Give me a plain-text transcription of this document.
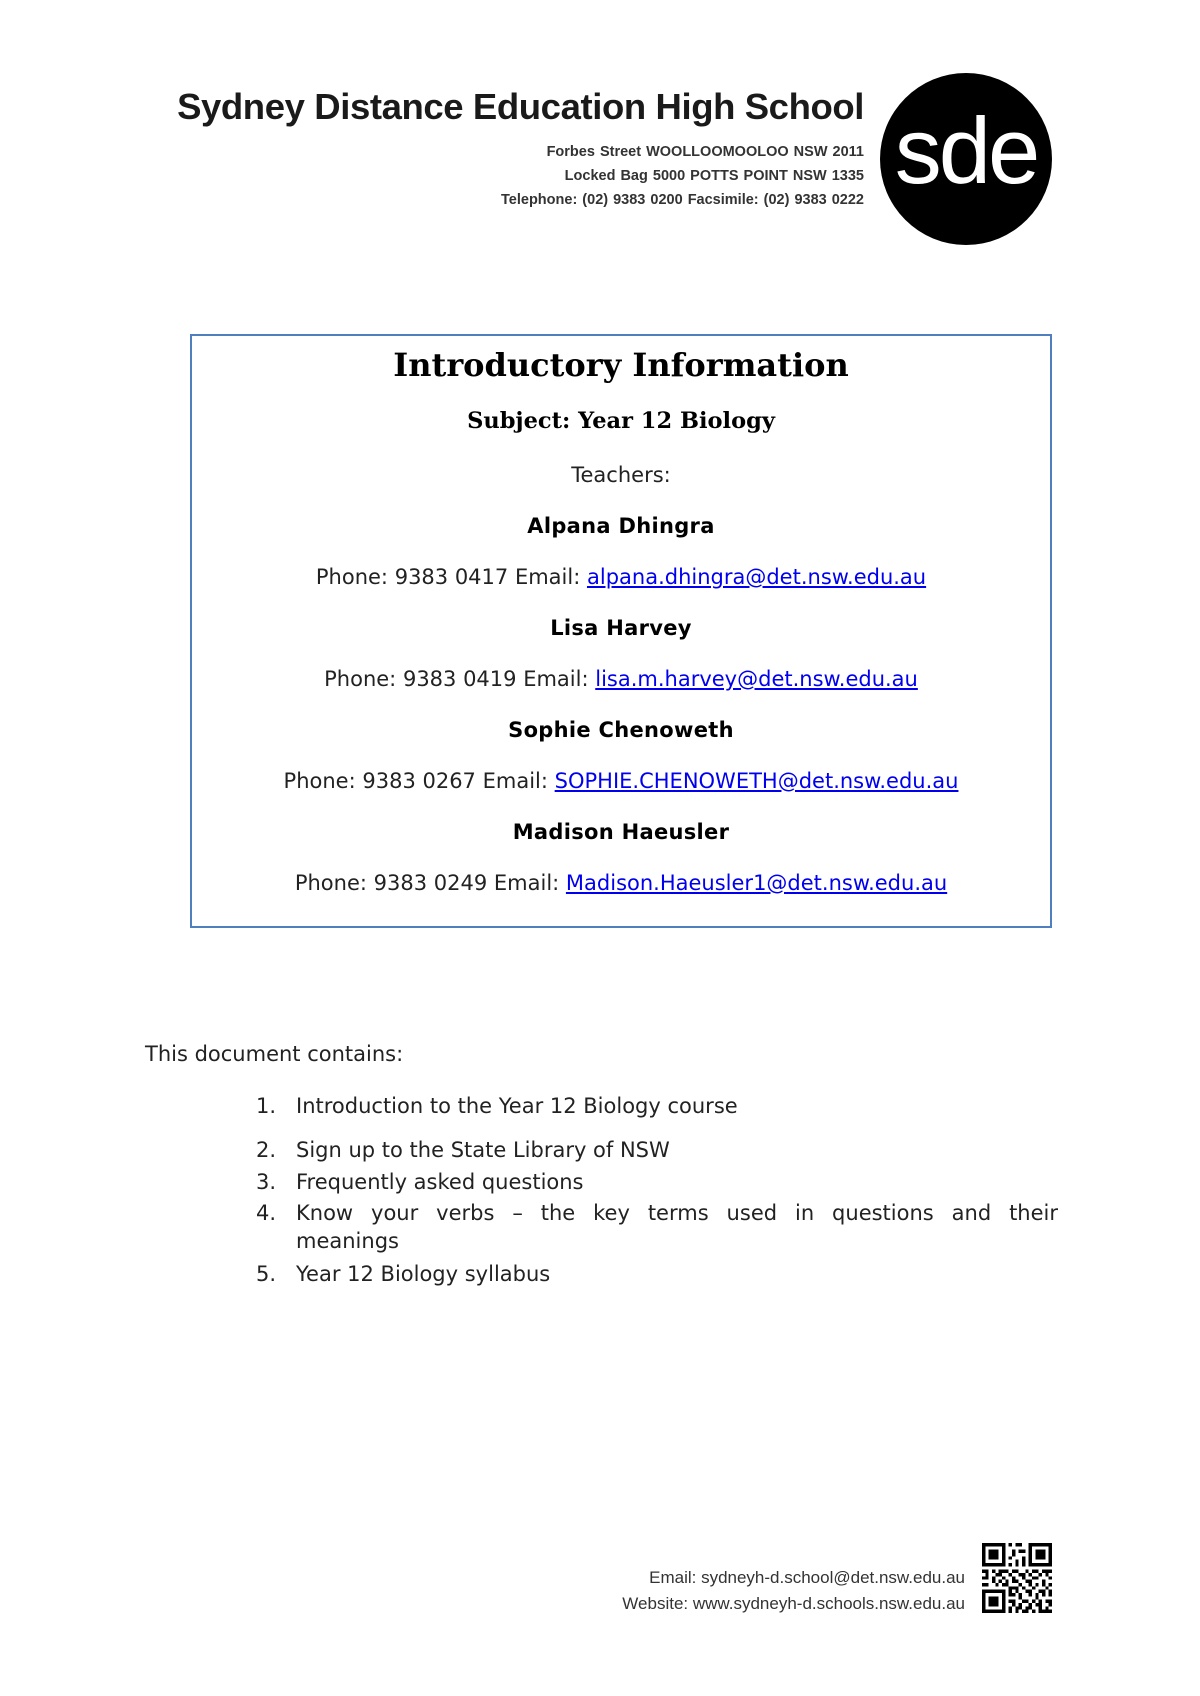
Sydney Distance Education High School
Forbes Street WOOLLOOMOOLOO NSW 2011
Locked Bag 5000 POTTS POINT NSW 1335
Telephone: (02) 9383 0200 Facsimile: (02) 9383 0222 sde
Introductory Information
Subject: Year 12 Biology
Teachers:
Alpana Dhingra
Phone: 9383 0417 Email: alpana.dhingra@det.nsw.edu.au
Lisa Harvey
Phone: 9383 0419 Email: lisa.m.harvey@det.nsw.edu.au
Sophie Chenoweth
Phone: 9383 0267 Email: SOPHIE.CHENOWETH@det.nsw.edu.au
Madison Haeusler
Phone: 9383 0249 Email: Madison.Haeusler1@det.nsw.edu.au
This document contains:
1. Introduction to the Year 12 Biology course
2. Sign up to the State Library of NSW
3. Frequently asked questions
4. Know your verbs – the key terms used in questions and their meanings
5. Year 12 Biology syllabus
Email: sydneyh-d.school@det.nsw.edu.au
Website: www.sydneyh-d.schools.nsw.edu.au
